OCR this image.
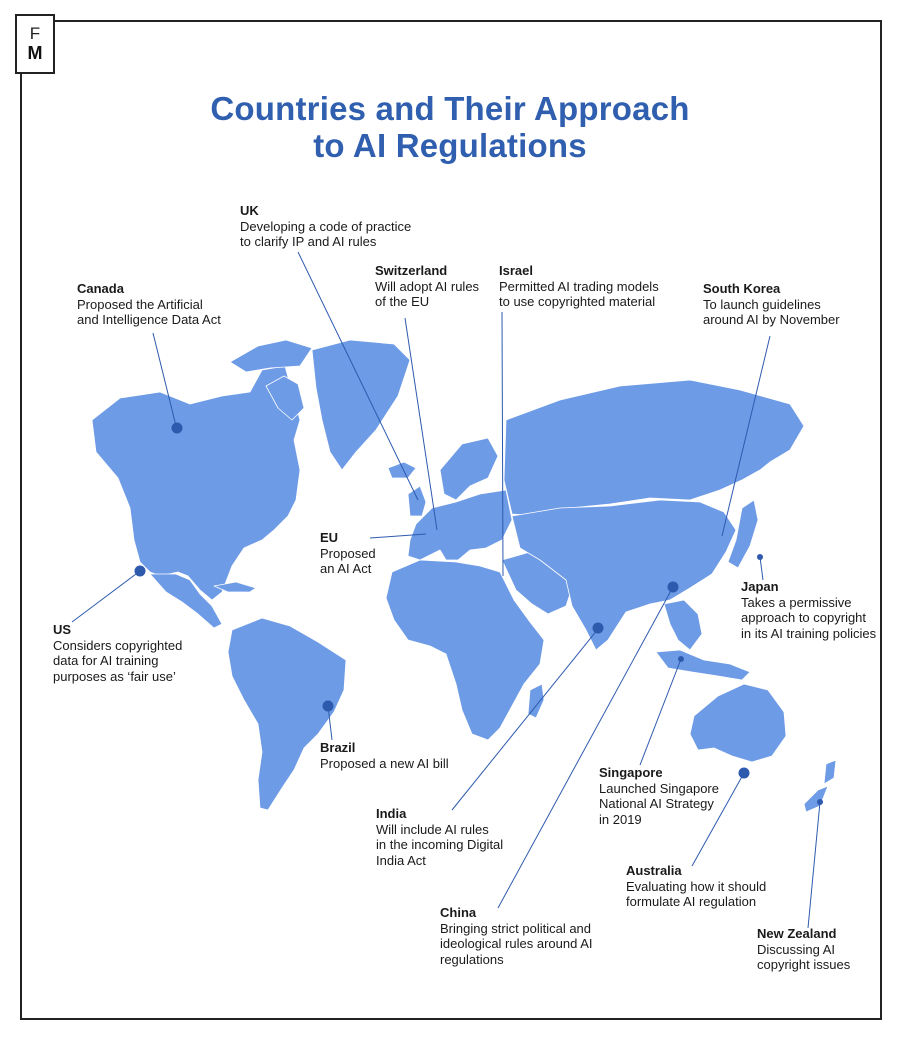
F
M
Countries and Their Approach
to AI Regulations
UK
Developing a code of practice
to clarify IP and AI rules
Canada
Proposed the Artificial
and Intelligence Data Act
Switzerland
Will adopt AI rules
of the EU
Israel
Permitted AI trading models
to use copyrighted material
South Korea
To launch guidelines
around AI by November
EU
Proposed
an AI Act
Japan
Takes a permissive
approach to copyright
in its AI training policies
US
Considers copyrighted
data for AI training
purposes as ‘fair use’
Brazil
Proposed a new AI bill
Singapore
Launched Singapore
National AI Strategy
in 2019
India
Will include AI rules
in the incoming Digital
India Act
Australia
Evaluating how it should
formulate AI regulation
China
Bringing strict political and
ideological rules around AI
regulations
New Zealand
Discussing AI
copyright issues
